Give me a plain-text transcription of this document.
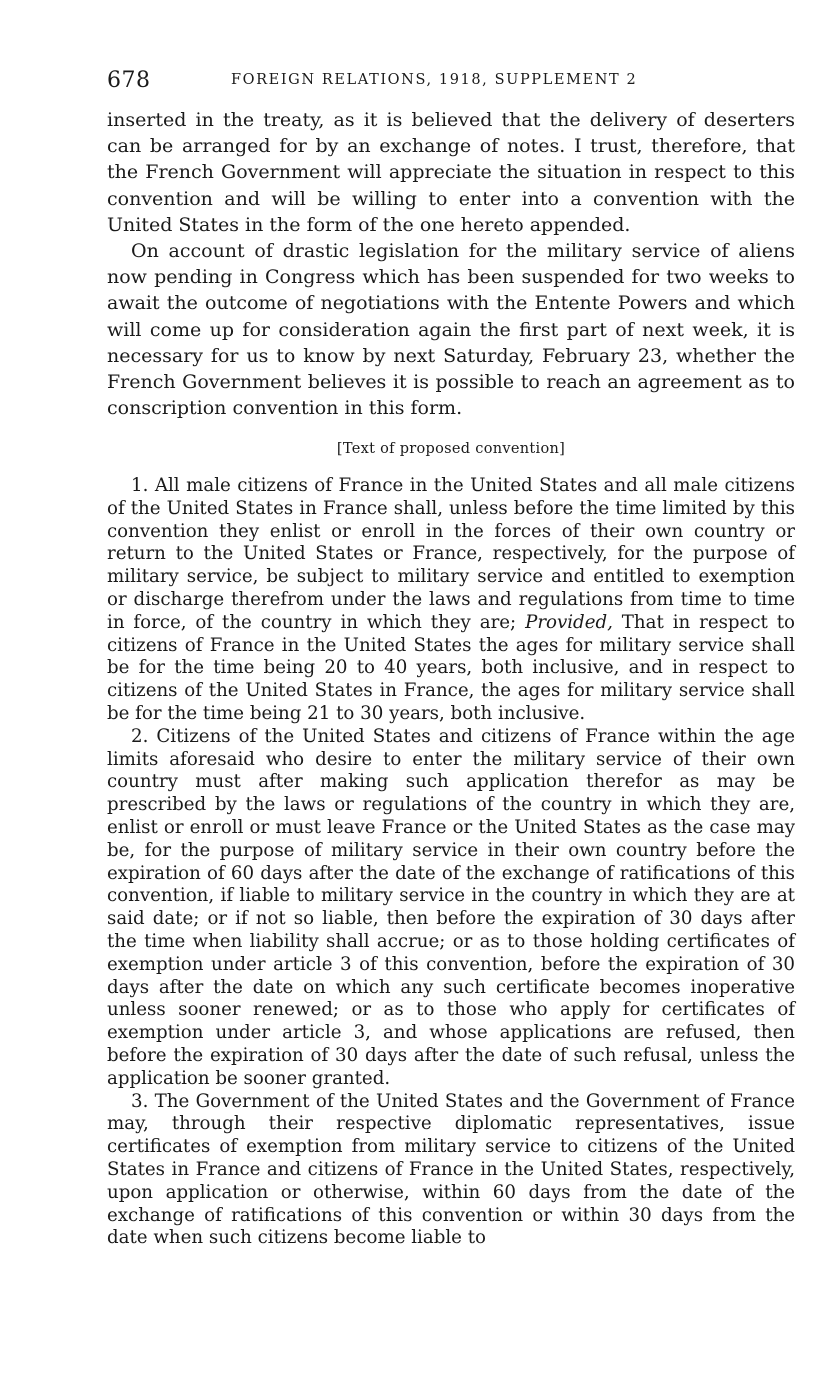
678	FOREIGN RELATIONS, 1918, SUPPLEMENT 2

inserted in the treaty, as it is believed that the delivery of deserters can be arranged for by an exchange of notes. I trust, therefore, that the French Government will appreciate the situation in respect to this convention and will be willing to enter into a convention with the United States in the form of the one hereto appended.

On account of drastic legislation for the military service of aliens now pending in Congress which has been suspended for two weeks to await the outcome of negotiations with the Entente Powers and which will come up for consideration again the first part of next week, it is necessary for us to know by next Saturday, February 23, whether the French Government believes it is possible to reach an agreement as to conscription convention in this form.

[Text of proposed convention]

1. All male citizens of France in the United States and all male citizens of the United States in France shall, unless before the time limited by this convention they enlist or enroll in the forces of their own country or return to the United States or France, respectively, for the purpose of military service, be subject to military service and entitled to exemption or discharge therefrom under the laws and regulations from time to time in force, of the country in which they are; Provided, That in respect to citizens of France in the United States the ages for military service shall be for the time being 20 to 40 years, both inclusive, and in respect to citizens of the United States in France, the ages for military service shall be for the time being 21 to 30 years, both inclusive.

2. Citizens of the United States and citizens of France within the age limits aforesaid who desire to enter the military service of their own country must after making such application therefor as may be prescribed by the laws or regulations of the country in which they are, enlist or enroll or must leave France or the United States as the case may be, for the purpose of military service in their own country before the expiration of 60 days after the date of the exchange of ratifications of this convention, if liable to military service in the country in which they are at said date; or if not so liable, then before the expiration of 30 days after the time when liability shall accrue; or as to those holding certificates of exemption under article 3 of this convention, before the expiration of 30 days after the date on which any such certificate becomes inoperative unless sooner renewed; or as to those who apply for certificates of exemption under article 3, and whose applications are refused, then before the expiration of 30 days after the date of such refusal, unless the application be sooner granted.

3. The Government of the United States and the Government of France may, through their respective diplomatic representatives, issue certificates of exemption from military service to citizens of the United States in France and citizens of France in the United States, respectively, upon application or otherwise, within 60 days from the date of the exchange of ratifications of this convention or within 30 days from the date when such citizens become liable to
